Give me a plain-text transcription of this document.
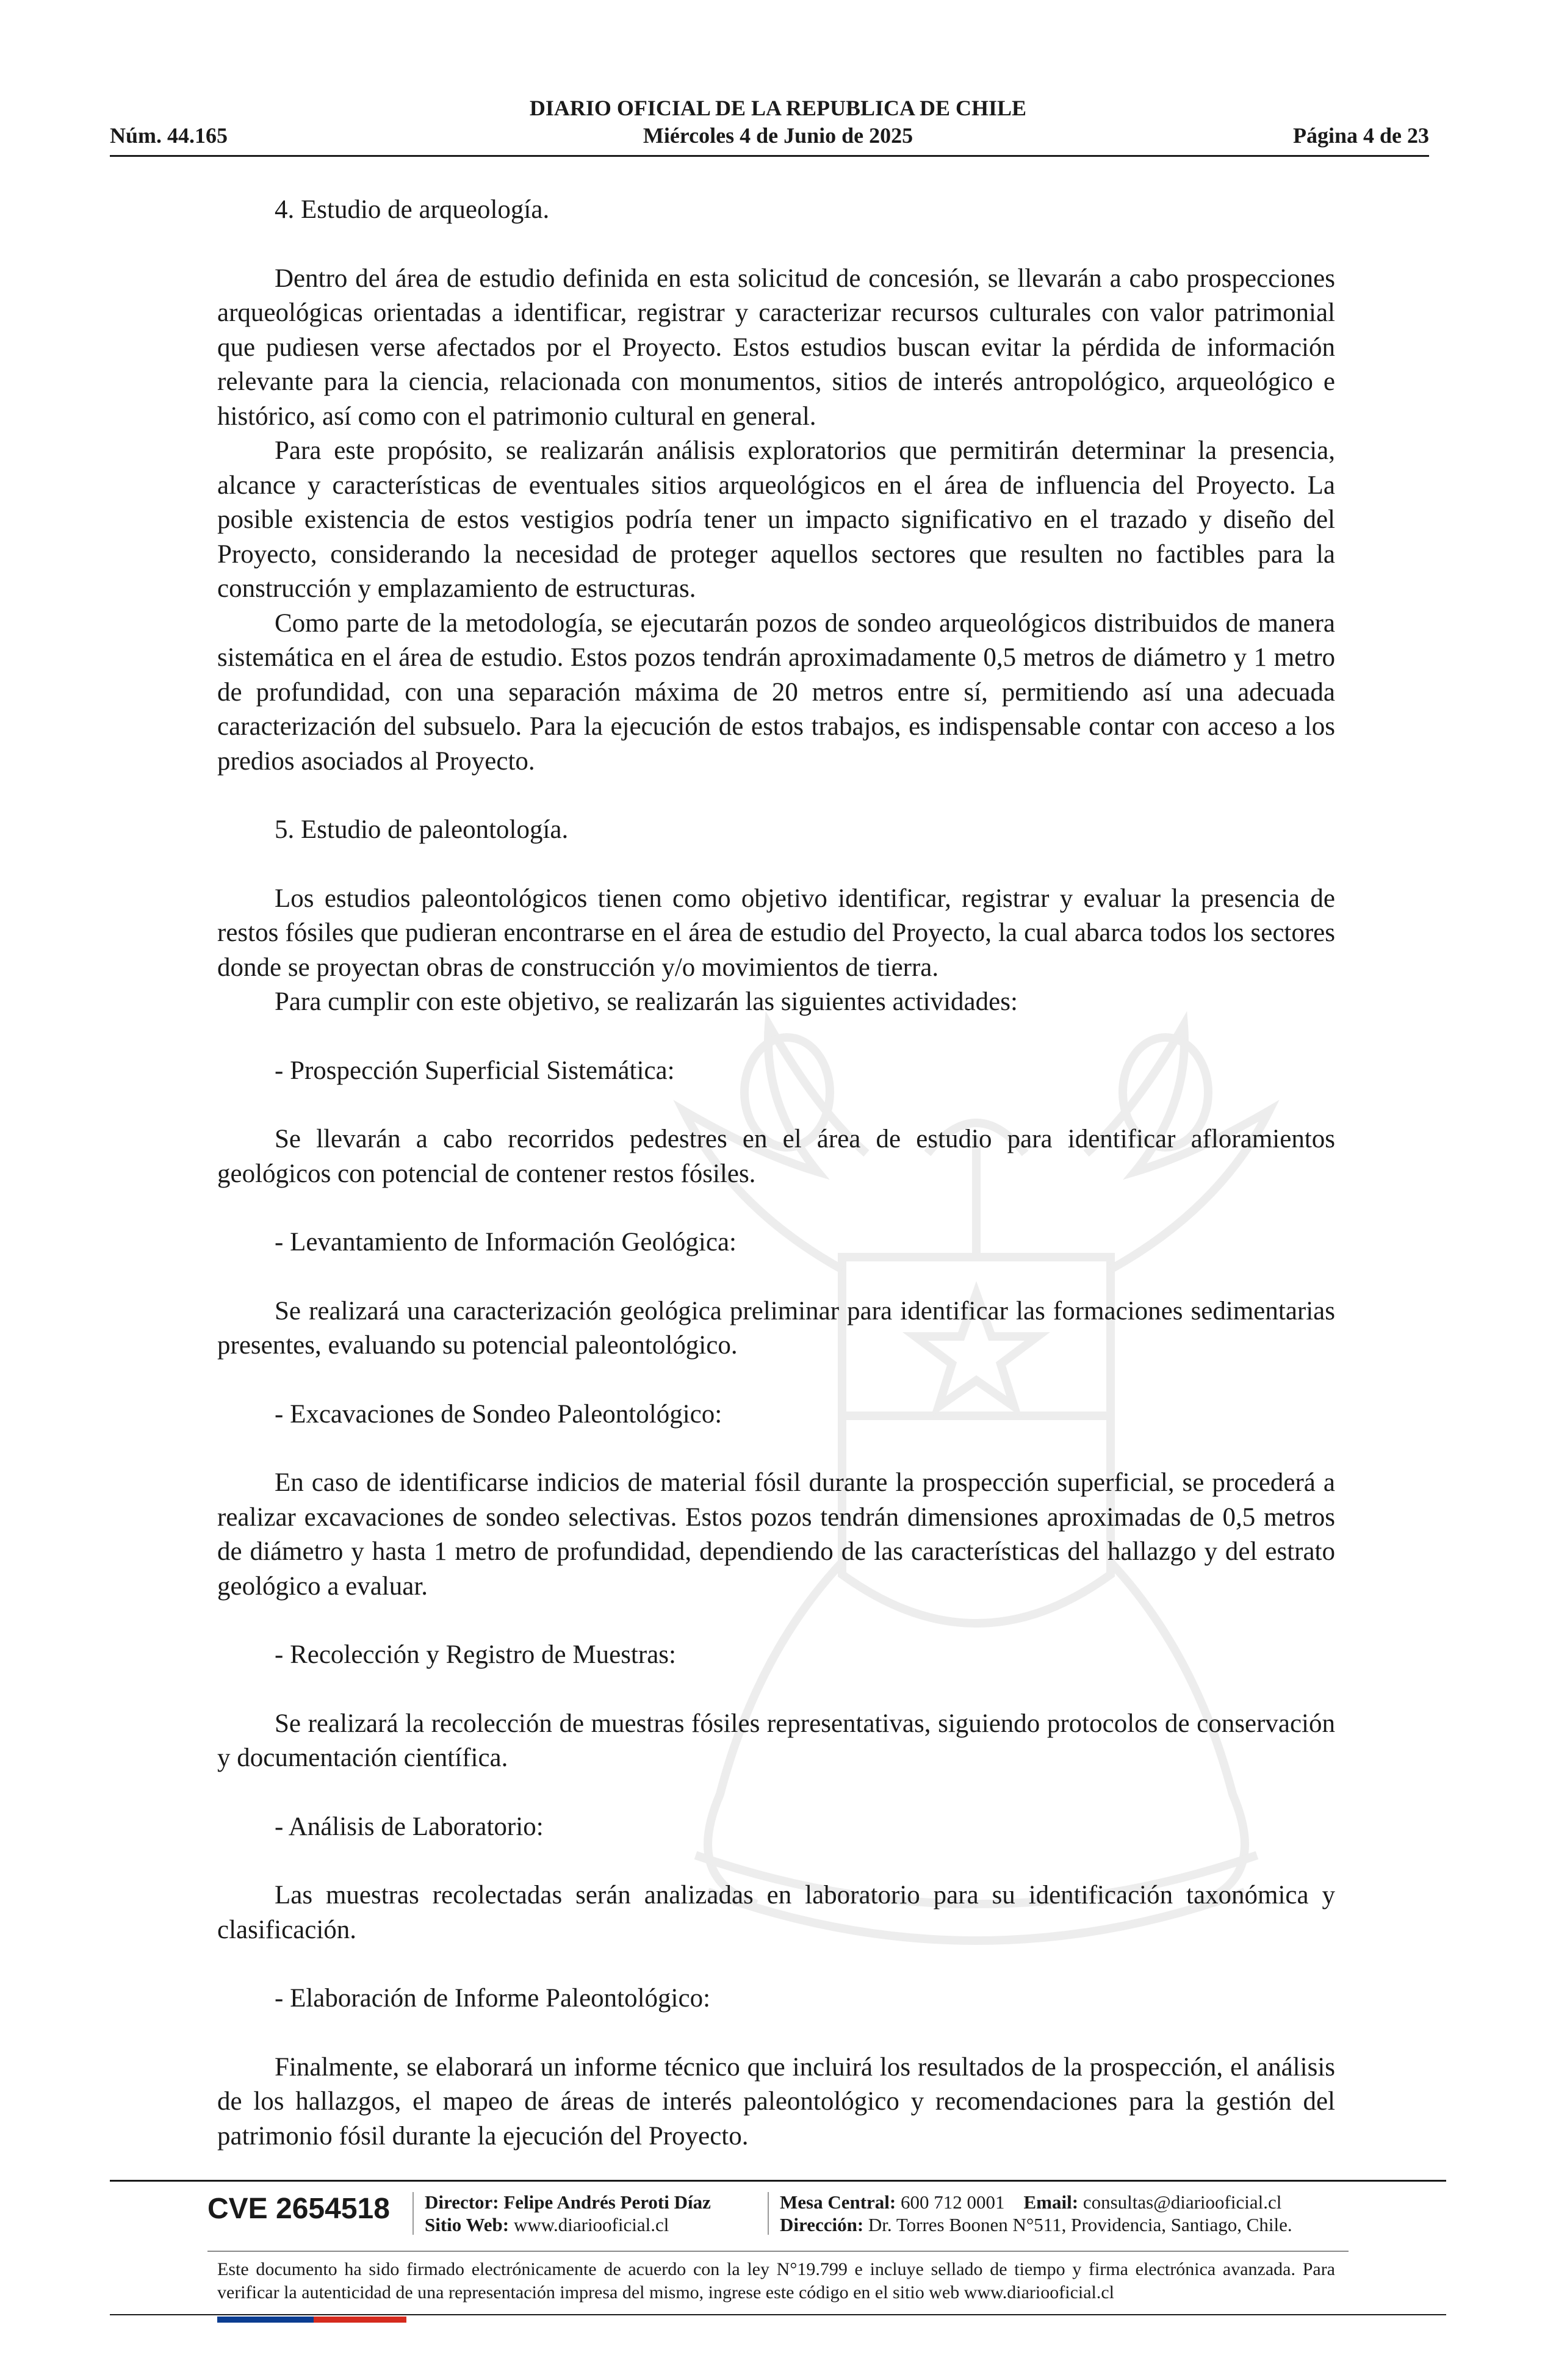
DIARIO OFICIAL DE LA REPUBLICA DE CHILE
Núm. 44.165	Miércoles 4 de Junio de 2025	Página 4 de 23

4. Estudio de arqueología.

Dentro del área de estudio definida en esta solicitud de concesión, se llevarán a cabo prospecciones arqueológicas orientadas a identificar, registrar y caracterizar recursos culturales con valor patrimonial que pudiesen verse afectados por el Proyecto. Estos estudios buscan evitar la pérdida de información relevante para la ciencia, relacionada con monumentos, sitios de interés antropológico, arqueológico e histórico, así como con el patrimonio cultural en general.

Para este propósito, se realizarán análisis exploratorios que permitirán determinar la presencia, alcance y características de eventuales sitios arqueológicos en el área de influencia del Proyecto. La posible existencia de estos vestigios podría tener un impacto significativo en el trazado y diseño del Proyecto, considerando la necesidad de proteger aquellos sectores que resulten no factibles para la construcción y emplazamiento de estructuras.

Como parte de la metodología, se ejecutarán pozos de sondeo arqueológicos distribuidos de manera sistemática en el área de estudio. Estos pozos tendrán aproximadamente 0,5 metros de diámetro y 1 metro de profundidad, con una separación máxima de 20 metros entre sí, permitiendo así una adecuada caracterización del subsuelo. Para la ejecución de estos trabajos, es indispensable contar con acceso a los predios asociados al Proyecto.

5. Estudio de paleontología.

Los estudios paleontológicos tienen como objetivo identificar, registrar y evaluar la presencia de restos fósiles que pudieran encontrarse en el área de estudio del Proyecto, la cual abarca todos los sectores donde se proyectan obras de construcción y/o movimientos de tierra.

Para cumplir con este objetivo, se realizarán las siguientes actividades:

- Prospección Superficial Sistemática:

Se llevarán a cabo recorridos pedestres en el área de estudio para identificar afloramientos geológicos con potencial de contener restos fósiles.

- Levantamiento de Información Geológica:

Se realizará una caracterización geológica preliminar para identificar las formaciones sedimentarias presentes, evaluando su potencial paleontológico.

- Excavaciones de Sondeo Paleontológico:

En caso de identificarse indicios de material fósil durante la prospección superficial, se procederá a realizar excavaciones de sondeo selectivas. Estos pozos tendrán dimensiones aproximadas de 0,5 metros de diámetro y hasta 1 metro de profundidad, dependiendo de las características del hallazgo y del estrato geológico a evaluar.

- Recolección y Registro de Muestras:

Se realizará la recolección de muestras fósiles representativas, siguiendo protocolos de conservación y documentación científica.

- Análisis de Laboratorio:

Las muestras recolectadas serán analizadas en laboratorio para su identificación taxonómica y clasificación.

- Elaboración de Informe Paleontológico:

Finalmente, se elaborará un informe técnico que incluirá los resultados de la prospección, el análisis de los hallazgos, el mapeo de áreas de interés paleontológico y recomendaciones para la gestión del patrimonio fósil durante la ejecución del Proyecto.

CVE 2654518 Director: Felipe Andrés Peroti Díaz
Sitio Web: www.diariooficial.cl
Mesa Central: 600 712 0001 Email: consultas@diariooficial.cl
Dirección: Dr. Torres Boonen N°511, Providencia, Santiago, Chile.
Este documento ha sido firmado electrónicamente de acuerdo con la ley N°19.799 e incluye sellado de tiempo y firma electrónica avanzada. Para verificar la autenticidad de una representación impresa del mismo, ingrese este código en el sitio web www.diariooficial.cl
